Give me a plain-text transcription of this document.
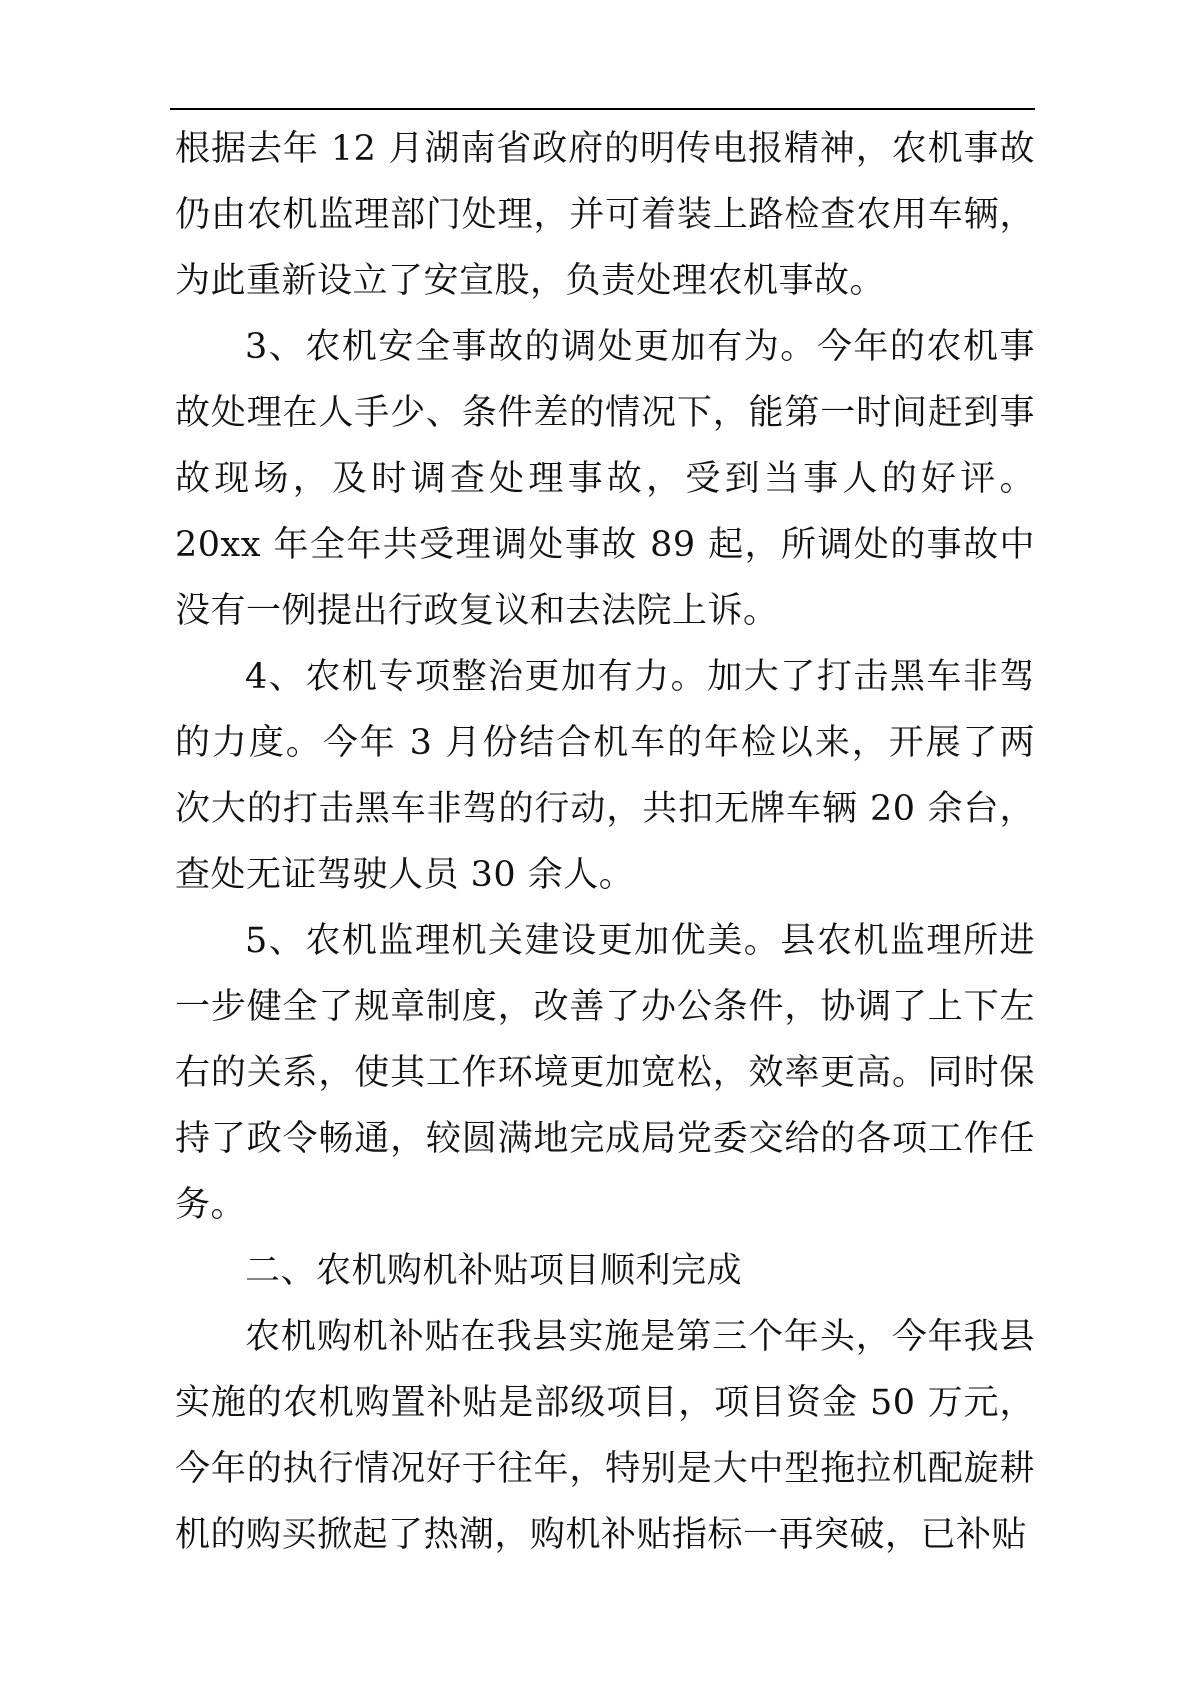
根据去年 12 月湖南省政府的明传电报精神，农机事故仍由农机监理部门处理，并可着装上路检查农用车辆，为此重新设立了安宣股，负责处理农机事故。

3、农机安全事故的调处更加有为。今年的农机事故处理在人手少、条件差的情况下，能第一时间赶到事故现场，及时调查处理事故，受到当事人的好评。20xx 年全年共受理调处事故 89 起，所调处的事故中没有一例提出行政复议和去法院上诉。

4、农机专项整治更加有力。加大了打击黑车非驾的力度。今年 3 月份结合机车的年检以来，开展了两次大的打击黑车非驾的行动，共扣无牌车辆 20 余台，查处无证驾驶人员 30 余人。

5、农机监理机关建设更加优美。县农机监理所进一步健全了规章制度，改善了办公条件，协调了上下左右的关系，使其工作环境更加宽松，效率更高。同时保持了政令畅通，较圆满地完成局党委交给的各项工作任务。

二、农机购机补贴项目顺利完成

农机购机补贴在我县实施是第三个年头，今年我县实施的农机购置补贴是部级项目，项目资金 50 万元，今年的执行情况好于往年，特别是大中型拖拉机配旋耕机的购买掀起了热潮，购机补贴指标一再突破，已补贴
